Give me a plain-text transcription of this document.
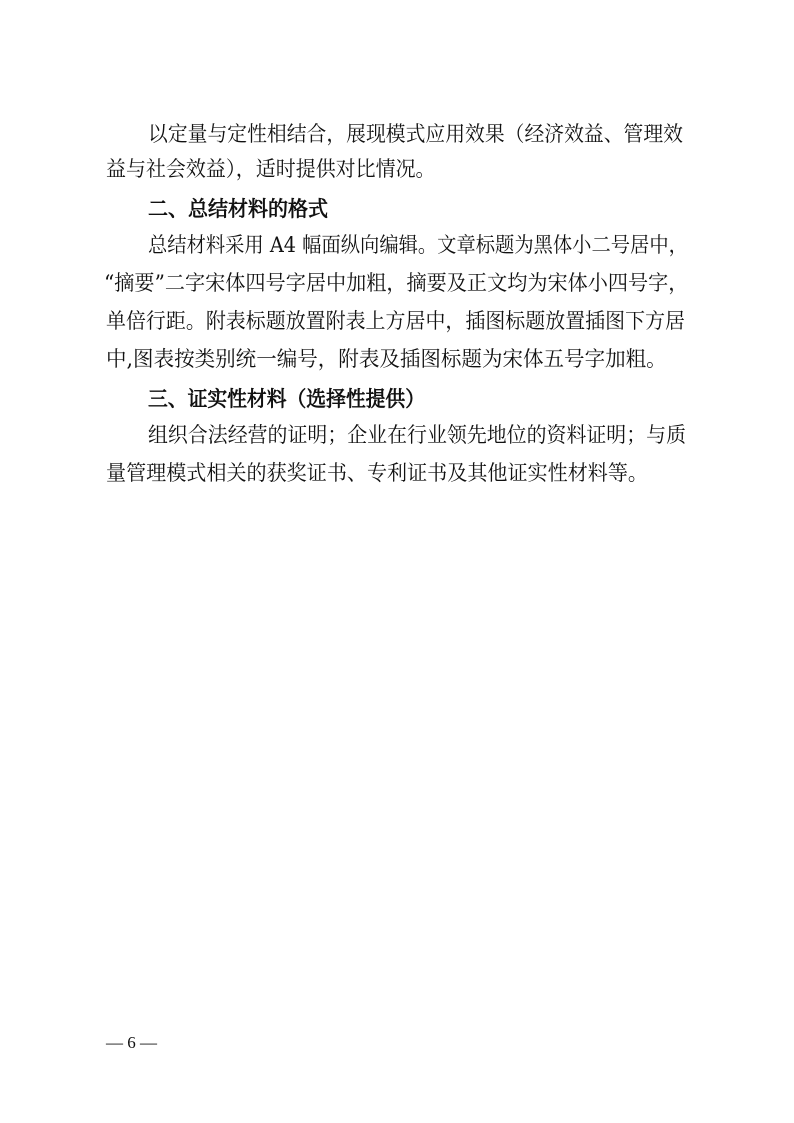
以定量与定性相结合，展现模式应用效果（经济效益、管理效
益与社会效益），适时提供对比情况。
二、总结材料的格式
总结材料采用 A4 幅面纵向编辑。文章标题为黑体小二号居中，
“摘要”二字宋体四号字居中加粗，摘要及正文均为宋体小四号字，
单倍行距。附表标题放置附表上方居中，插图标题放置插图下方居
中,图表按类别统一编号，附表及插图标题为宋体五号字加粗。
三、证实性材料（选择性提供）
组织合法经营的证明；企业在行业领先地位的资料证明；与质
量管理模式相关的获奖证书、专利证书及其他证实性材料等。
— 6 —
